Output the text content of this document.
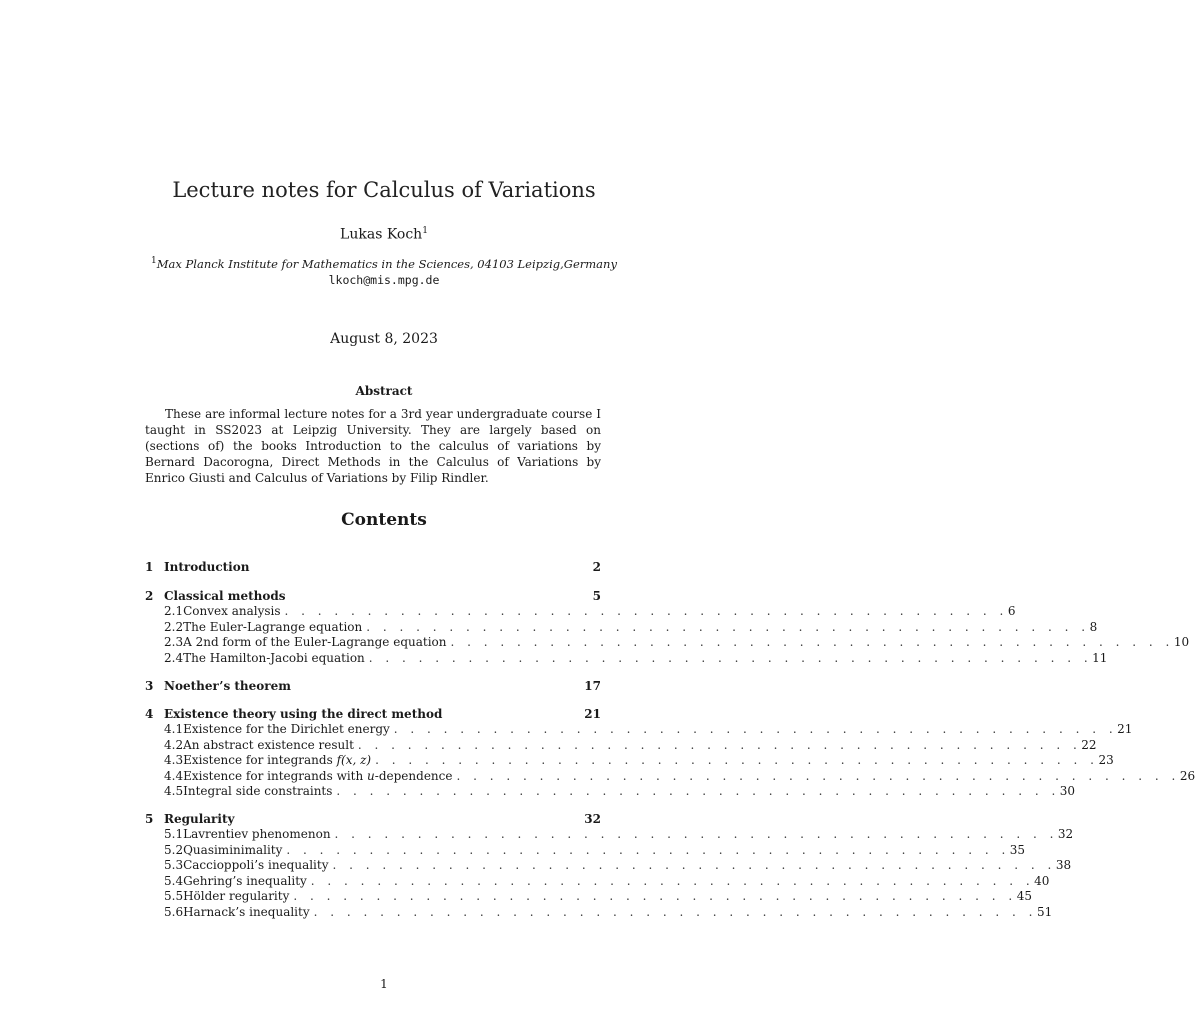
Lecture notes for Calculus of Variations
Lukas Koch$^1$
$^1$Max Planck Institute for Mathematics in the Sciences, 04103 Leipzig,Germany
lkoch@mis.mpg.de
August 8, 2023
Abstract

These are informal lecture notes for a 3rd year undergraduate course I taught in SS2023 at Leipzig University. They are largely based on (sections of) the books Introduction to the calculus of variations by Bernard Dacorogna, Direct Methods in the Calculus of Variations by Enrico Giusti and Calculus of Variations by Filip Rindler.

Contents
1 Introduction	2
2 Classical methods	5
2.1 Convex analysis . . . . . . . . . . . . . . . . . . . . . . . . . . . . . . . . . . . . . . . . . . . . 6
2.2 The Euler-Lagrange equation . . . . . . . . . . . . . . . . . . . . . . . . . . . . . . . . . . . . . . . . . . . . 8
2.3 A 2nd form of the Euler-Lagrange equation . . . . . . . . . . . . . . . . . . . . . . . . . . . . . . . . . . . . . . . . . . . . 10
2.4 The Hamilton-Jacobi equation . . . . . . . . . . . . . . . . . . . . . . . . . . . . . . . . . . . . . . . . . . . . 11
3 Noether’s theorem	17
4 Existence theory using the direct method	21
4.1 Existence for the Dirichlet energy . . . . . . . . . . . . . . . . . . . . . . . . . . . . . . . . . . . . . . . . . . . . 21
4.2 An abstract existence result . . . . . . . . . . . . . . . . . . . . . . . . . . . . . . . . . . . . . . . . . . . . 22
4.3 Existence for integrands f(x, z) . . . . . . . . . . . . . . . . . . . . . . . . . . . . . . . . . . . . . . . . . . . . 23
4.4 Existence for integrands with u-dependence . . . . . . . . . . . . . . . . . . . . . . . . . . . . . . . . . . . . . . . . . . . . 26
4.5 Integral side constraints . . . . . . . . . . . . . . . . . . . . . . . . . . . . . . . . . . . . . . . . . . . . 30
5 Regularity	32
5.1 Lavrentiev phenomenon . . . . . . . . . . . . . . . . . . . . . . . . . . . . . . . . . . . . . . . . . . . . 32
5.2 Quasiminimality . . . . . . . . . . . . . . . . . . . . . . . . . . . . . . . . . . . . . . . . . . . . 35
5.3 Caccioppoli’s inequality . . . . . . . . . . . . . . . . . . . . . . . . . . . . . . . . . . . . . . . . . . . . 38
5.4 Gehring’s inequality . . . . . . . . . . . . . . . . . . . . . . . . . . . . . . . . . . . . . . . . . . . . 40
5.5 Hölder regularity . . . . . . . . . . . . . . . . . . . . . . . . . . . . . . . . . . . . . . . . . . . . 45
5.6 Harnack’s inequality . . . . . . . . . . . . . . . . . . . . . . . . . . . . . . . . . . . . . . . . . . . . 51
1
